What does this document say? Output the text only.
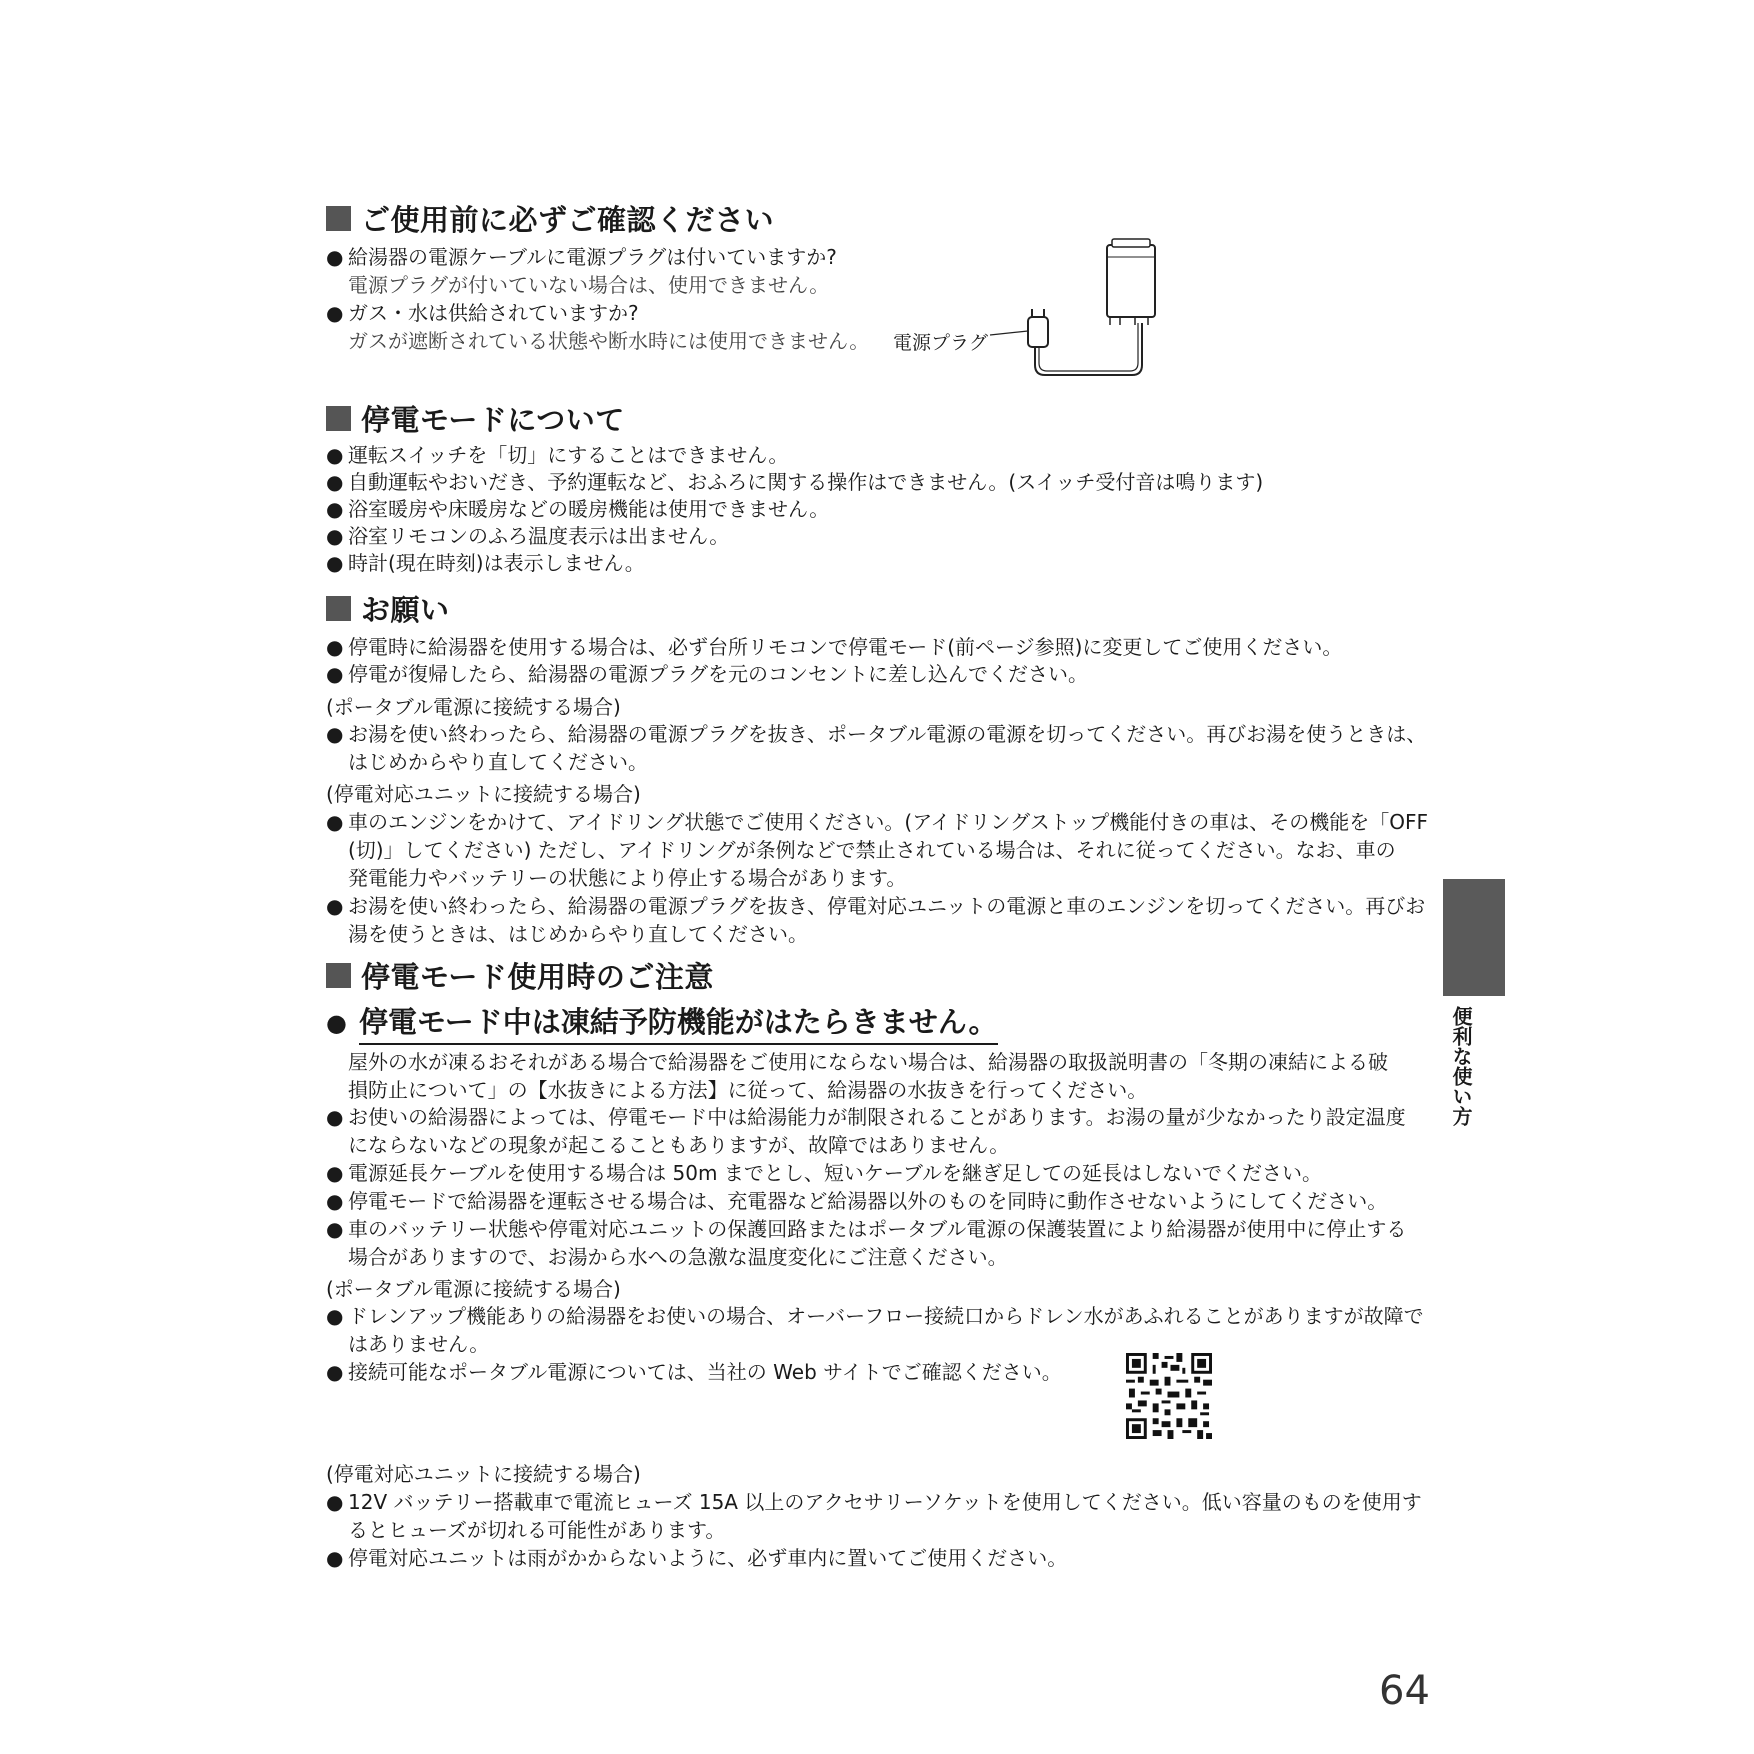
ご使用前に必ずご確認ください
● 給湯器の電源ケーブルに電源プラグは付いていますか?
電源プラグが付いていない場合は、使用できません。
● ガス・水は供給されていますか?
ガスが遮断されている状態や断水時には使用できません。	電源プラグ
停電モードについて
● 運転スイッチを「切」にすることはできません。
● 自動運転やおいだき、予約運転など、おふろに関する操作はできません。(スイッチ受付音は鳴ります)
● 浴室暖房や床暖房などの暖房機能は使用できません。
● 浴室リモコンのふろ温度表示は出ません。
● 時計(現在時刻)は表示しません。
お願い
● 停電時に給湯器を使用する場合は、必ず台所リモコンで停電モード(前ページ参照)に変更してご使用ください。
● 停電が復帰したら、給湯器の電源プラグを元のコンセントに差し込んでください。
(ポータブル電源に接続する場合)
● お湯を使い終わったら、給湯器の電源プラグを抜き、ポータブル電源の電源を切ってください。再びお湯を使うときは、
はじめからやり直してください。
(停電対応ユニットに接続する場合)
● 車のエンジンをかけて、アイドリング状態でご使用ください。(アイドリングストップ機能付きの車は、その機能を「OFF
(切)」してください) ただし、アイドリングが条例などで禁止されている場合は、それに従ってください。なお、車の
発電能力やバッテリーの状態により停止する場合があります。
● お湯を使い終わったら、給湯器の電源プラグを抜き、停電対応ユニットの電源と車のエンジンを切ってください。再びお
湯を使うときは、はじめからやり直してください。
停電モード使用時のご注意
● 停電モード中は凍結予防機能がはたらきません。
屋外の水が凍るおそれがある場合で給湯器をご使用にならない場合は、給湯器の取扱説明書の「冬期の凍結による破
損防止について」の【水抜きによる方法】に従って、給湯器の水抜きを行ってください。
● お使いの給湯器によっては、停電モード中は給湯能力が制限されることがあります。お湯の量が少なかったり設定温度
にならないなどの現象が起こることもありますが、故障ではありません。
● 電源延長ケーブルを使用する場合は 50m までとし、短いケーブルを継ぎ足しての延長はしないでください。
● 停電モードで給湯器を運転させる場合は、充電器など給湯器以外のものを同時に動作させないようにしてください。
● 車のバッテリー状態や停電対応ユニットの保護回路またはポータブル電源の保護装置により給湯器が使用中に停止する
場合がありますので、お湯から水への急激な温度変化にご注意ください。
(ポータブル電源に接続する場合)
● ドレンアップ機能ありの給湯器をお使いの場合、オーバーフロー接続口からドレン水があふれることがありますが故障で
はありません。
● 接続可能なポータブル電源については、当社の Web サイトでご確認ください。
(停電対応ユニットに接続する場合)
● 12V バッテリー搭載車で電流ヒューズ 15A 以上のアクセサリーソケットを使用してください。低い容量のものを使用す
るとヒューズが切れる可能性があります。
● 停電対応ユニットは雨がかからないように、必ず車内に置いてご使用ください。
便利な使い方
64
